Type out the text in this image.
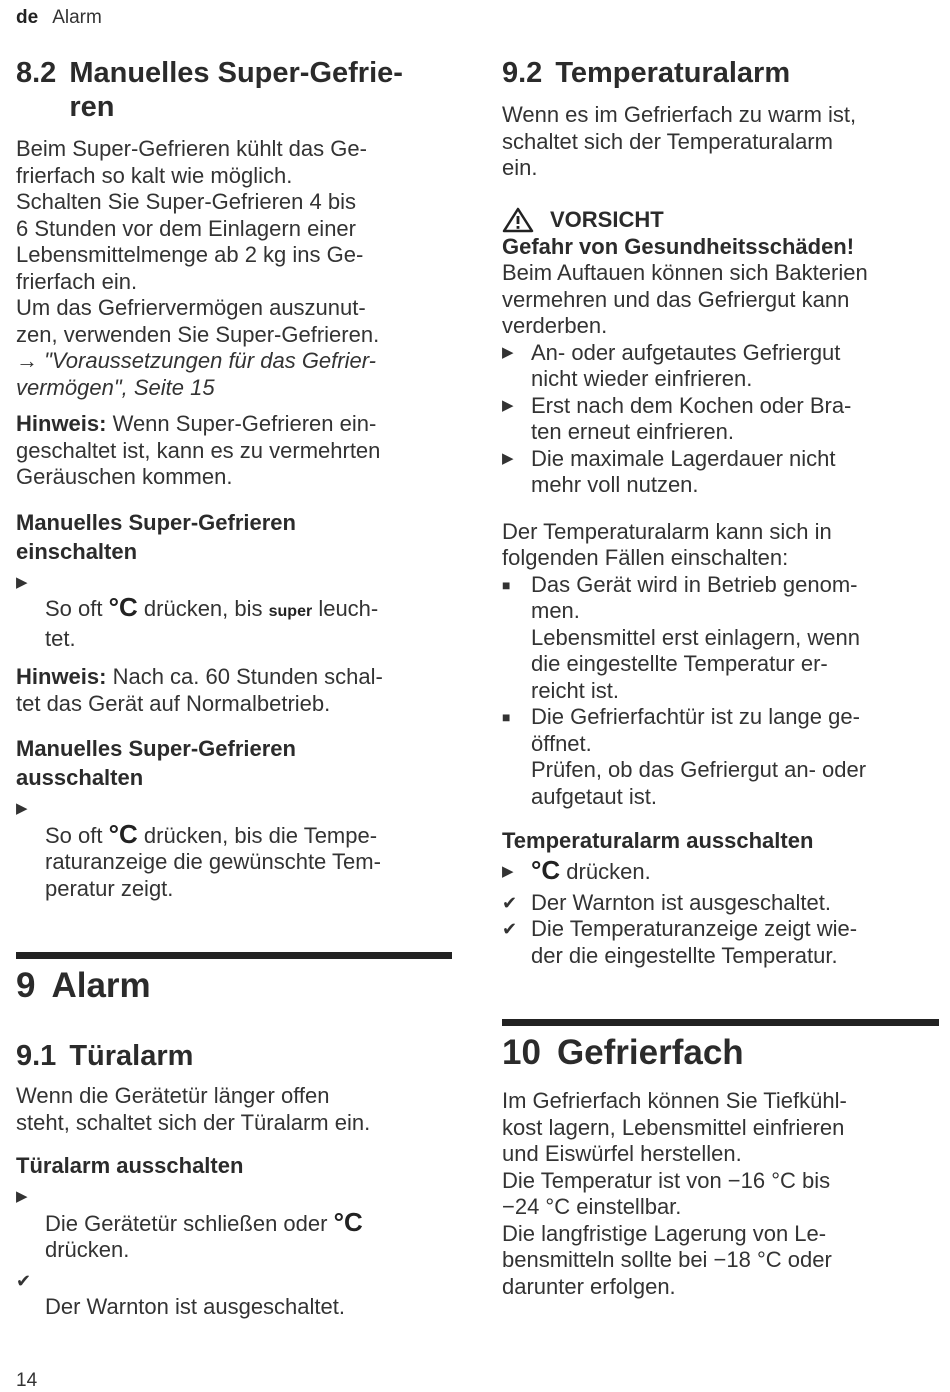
de Alarm
8.2 Manuelles Super-Gefrie-
ren

Beim Super-Gefrieren kühlt das Ge-
frierfach so kalt wie möglich.
Schalten Sie Super-Gefrieren 4 bis
6 Stunden vor dem Einlagern einer
Lebensmittelmenge ab 2 kg ins Ge-
frierfach ein.
Um das Gefriervermögen auszunut-
zen, verwenden Sie Super-Gefrieren.

→ "Voraussetzungen für das Gefrier-
vermögen", Seite 15

Hinweis: Wenn Super-Gefrieren ein-
geschaltet ist, kann es zu vermehrten
Geräuschen kommen.

Manuelles Super-Gefrieren
einschalten

▶
So oft °C drücken, bis super leuch-
tet.

Hinweis: Nach ca. 60 Stunden schal-
tet das Gerät auf Normalbetrieb.

Manuelles Super-Gefrieren
ausschalten

▶
So oft °C drücken, bis die Tempe-
raturanzeige die gewünschte Tem-
peratur zeigt.

9 Alarm
9.1 Türalarm

Wenn die Gerätetür länger offen
steht, schaltet sich der Türalarm ein.

Türalarm ausschalten

▶
Die Gerätetür schließen oder °C
drücken.

✔
Der Warnton ist ausgeschaltet.

9.2 Temperaturalarm

Wenn es im Gefrierfach zu warm ist,
schaltet sich der Temperaturalarm
ein.

VORSICHT

Gefahr von Gesundheitsschäden!

Beim Auftauen können sich Bakterien
vermehren und das Gefriergut kann
verderben.

▶ An- oder aufgetautes Gefriergut
nicht wieder einfrieren.
▶ Erst nach dem Kochen oder Bra-
ten erneut einfrieren.
▶ Die maximale Lagerdauer nicht
mehr voll nutzen.

Der Temperaturalarm kann sich in
folgenden Fällen einschalten:

■ Das Gerät wird in Betrieb genom-
men.

Lebensmittel erst einlagern, wenn
die eingestellte Temperatur er-
reicht ist.

■ Die Gefrierfachtür ist zu lange ge-
öffnet.

Prüfen, ob das Gefriergut an- oder
aufgetaut ist.

Temperaturalarm ausschalten
▶ °C drücken.
✔ Der Warnton ist ausgeschaltet.
✔ Die Temperaturanzeige zeigt wie-
der die eingestellte Temperatur.
10 Gefrierfach

Im Gefrierfach können Sie Tiefkühl-
kost lagern, Lebensmittel einfrieren
und Eiswürfel herstellen.
Die Temperatur ist von −16 °C bis
−24 °C einstellbar.
Die langfristige Lagerung von Le-
bensmitteln sollte bei −18 °C oder
darunter erfolgen.

14
